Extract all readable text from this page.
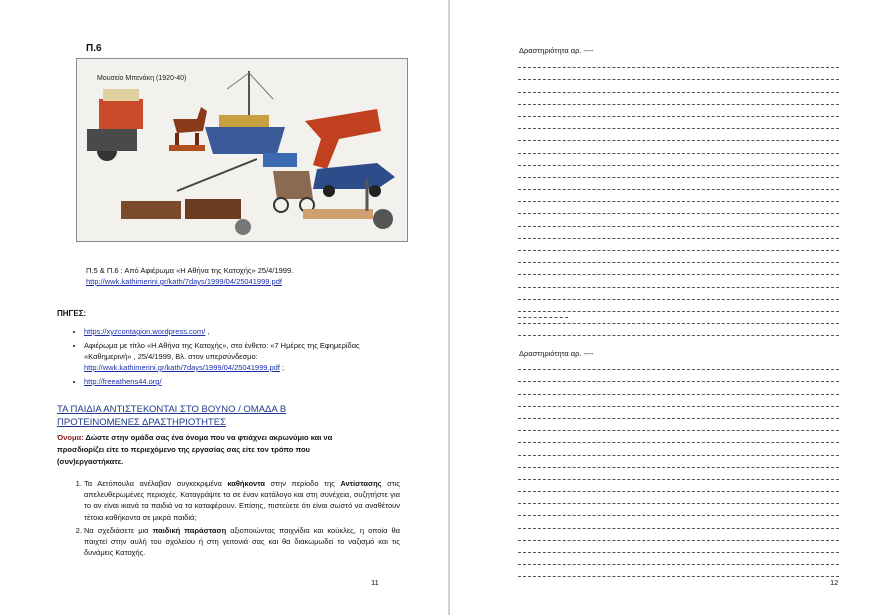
Π.6
Μουσείο Μπενάκη (1920-40)
Π.5 & Π.6 : Από Αφιέρωμα «Η Αθήνα της Κατοχής» 25/4/1999.
http://wwk.kathimerini.gr/kath/7days/1999/04/25041999.pdf
ΠΗΓΕΣ:
• https://xyzcontagion.wordpress.com/ ,
• Αφιέρωμα με τίτλο «Η Αθήνα της Κατοχής», στο ένθετο: «7 Ημέρες της Εφημερίδας «Καθημερινή» , 25/4/1999, Βλ. στον υπερσύνδεσμο:
http://wwk.kathimerini.gr/kath/7days/1999/04/25041999.pdf ;
• http://freeathens44.org/
ΤΑ ΠΑΙΔΙΑ ΑΝΤΙΣΤΕΚΟΝΤΑΙ ΣΤΟ ΒΟΥΝΟ / ΟΜΑΔΑ Β
ΠΡΟΤΕΙΝΟΜΕΝΕΣ ΔΡΑΣΤΗΡΙΟΤΗΤΕΣ
Όνομα: Δώστε στην ομάδα σας ένα όνομα που να φτιάχνει ακρωνύμιο και να προσδιορίζει είτε το περιεχόμενο της εργασίας σας είτε τον τρόπο που (συν)εργαστήκατε.
1. Τα Αετόπουλα ανέλαβαν συγκεκριμένα καθήκοντα στην περίοδο της Αντίστασης στις απελευθερωμένες περιοχές. Καταγράψτε τα σε έναν κατάλογο και στη συνέχεια, συζητήστε για το αν είναι ικανά τα παιδιά να τα καταφέρουν. Επίσης, πιστεύετε ότι είναι σωστό να αναθέτουν τέτοια καθήκοντα σε μικρά παιδιά;
2. Να σχεδιάσετε μια παιδική παράσταση αξιοποιώντας παιχνίδια και κούκλες, η οποία θα παιχτεί στην αυλή του σχολείου ή στη γειτονιά σας και θα διακωμωδεί το ναζισμό και τις δυνάμεις Κατοχής.
11
Δραστηριότητα αρ. ----
Δραστηριότητα αρ. ----
12
